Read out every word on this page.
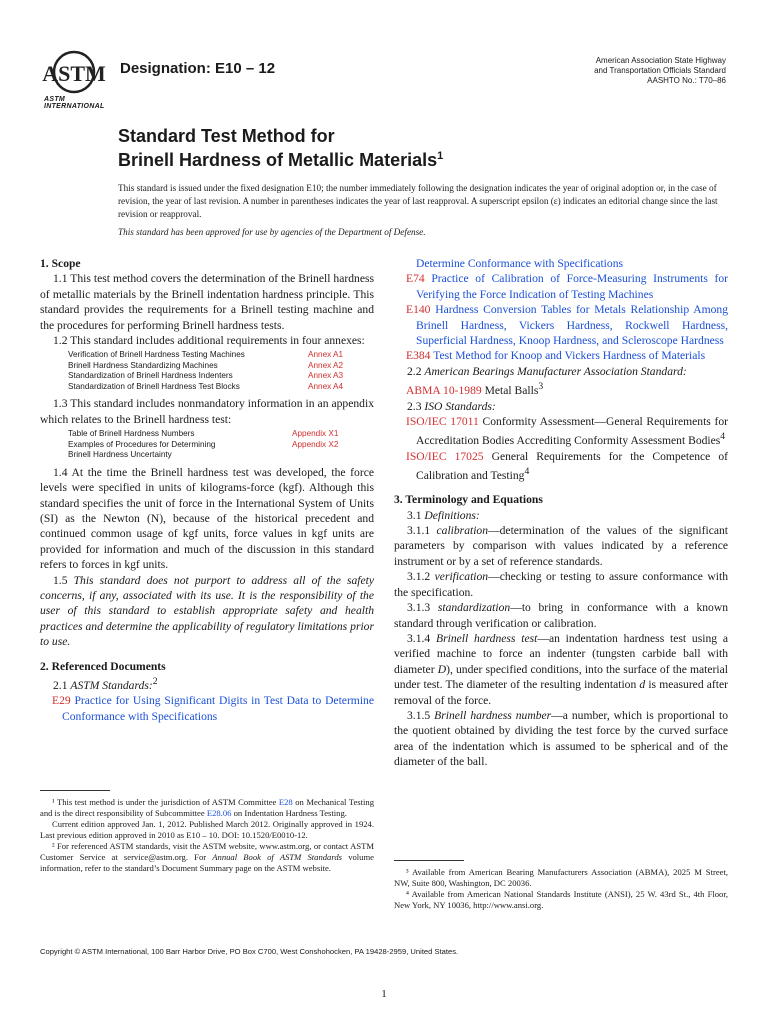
ASTM
ASTM INTERNATIONAL
Designation: E10 – 12	American Association State Highway
and Transportation Officials Standard
AASHTO No.: T70–86
Standard Test Method for
Brinell Hardness of Metallic Materials$^1$
This standard is issued under the fixed designation E10; the number immediately following the designation indicates the year of original adoption or, in the case of revision, the year of last revision. A number in parentheses indicates the year of last reapproval. A superscript epsilon (ε) indicates an editorial change since the last revision or reapproval.
This standard has been approved for use by agencies of the Department of Defense.
1. Scope

1.1 This test method covers the determination of the Brinell hardness of metallic materials by the Brinell indentation hardness principle. This standard provides the requirements for a Brinell testing machine and the procedures for performing Brinell hardness tests.

1.2 This standard includes additional requirements in four annexes:

Verification of Brinell Hardness Testing Machines	Annex A1
Brinell Hardness Standardizing Machines	Annex A2
Standardization of Brinell Hardness Indenters	Annex A3
Standardization of Brinell Hardness Test Blocks	Annex A4

1.3 This standard includes nonmandatory information in an appendix which relates to the Brinell hardness test:

Table of Brinell Hardness Numbers	Appendix X1
Examples of Procedures for Determining	Appendix X2
Brinell Hardness Uncertainty	

1.4 At the time the Brinell hardness test was developed, the force levels were specified in units of kilograms-force (kgf). Although this standard specifies the unit of force in the International System of Units (SI) as the Newton (N), because of the historical precedent and continued common usage of kgf units, force values in kgf units are provided for information and much of the discussion in this standard refers to forces in kgf units.

1.5 This standard does not purport to address all of the safety concerns, if any, associated with its use. It is the responsibility of the user of this standard to establish appropriate safety and health practices and determine the applicability of regulatory limitations prior to use.

2. Referenced Documents

2.1 ASTM Standards:$^2$

E29 Practice for Using Significant Digits in Test Data to Determine Conformance with Specifications

Determine Conformance with Specifications

E74 Practice of Calibration of Force-Measuring Instruments for Verifying the Force Indication of Testing Machines

E140 Hardness Conversion Tables for Metals Relationship Among Brinell Hardness, Vickers Hardness, Rockwell Hardness, Superficial Hardness, Knoop Hardness, and Scleroscope Hardness

E384 Test Method for Knoop and Vickers Hardness of Materials

2.2 American Bearings Manufacturer Association Standard:

ABMA 10-1989 Metal Balls$^3$

2.3 ISO Standards:

ISO/IEC 17011 Conformity Assessment—General Requirements for Accreditation Bodies Accrediting Conformity Assessment Bodies$^4$

ISO/IEC 17025 General Requirements for the Competence of Calibration and Testing$^4$

3. Terminology and Equations

3.1 Definitions:

3.1.1 calibration—determination of the values of the significant parameters by comparison with values indicated by a reference instrument or by a set of reference standards.

3.1.2 verification—checking or testing to assure conformance with the specification.

3.1.3 standardization—to bring in conformance with a known standard through verification or calibration.

3.1.4 Brinell hardness test—an indentation hardness test using a verified machine to force an indenter (tungsten carbide ball with diameter D), under specified conditions, into the surface of the material under test. The diameter of the resulting indentation d is measured after removal of the force.

3.1.5 Brinell hardness number—a number, which is proportional to the quotient obtained by dividing the test force by the curved surface area of the indentation which is assumed to be spherical and of the diameter of the ball.

¹ This test method is under the jurisdiction of ASTM Committee E28 on Mechanical Testing and is the direct responsibility of Subcommittee E28.06 on Indentation Hardness Testing.

Current edition approved Jan. 1, 2012. Published March 2012. Originally approved in 1924. Last previous edition approved in 2010 as E10 – 10. DOI: 10.1520/E0010-12.

² For referenced ASTM standards, visit the ASTM website, www.astm.org, or contact ASTM Customer Service at service@astm.org. For Annual Book of ASTM Standards volume information, refer to the standard’s Document Summary page on the ASTM website.	³ Available from American Bearing Manufacturers Association (ABMA), 2025 M Street, NW, Suite 800, Washington, DC 20036.

⁴ Available from American National Standards Institute (ANSI), 25 W. 43rd St., 4th Floor, New York, NY 10036, http://www.ansi.org.

Copyright © ASTM International, 100 Barr Harbor Drive, PO Box C700, West Conshohocken, PA 19428-2959, United States.
1
